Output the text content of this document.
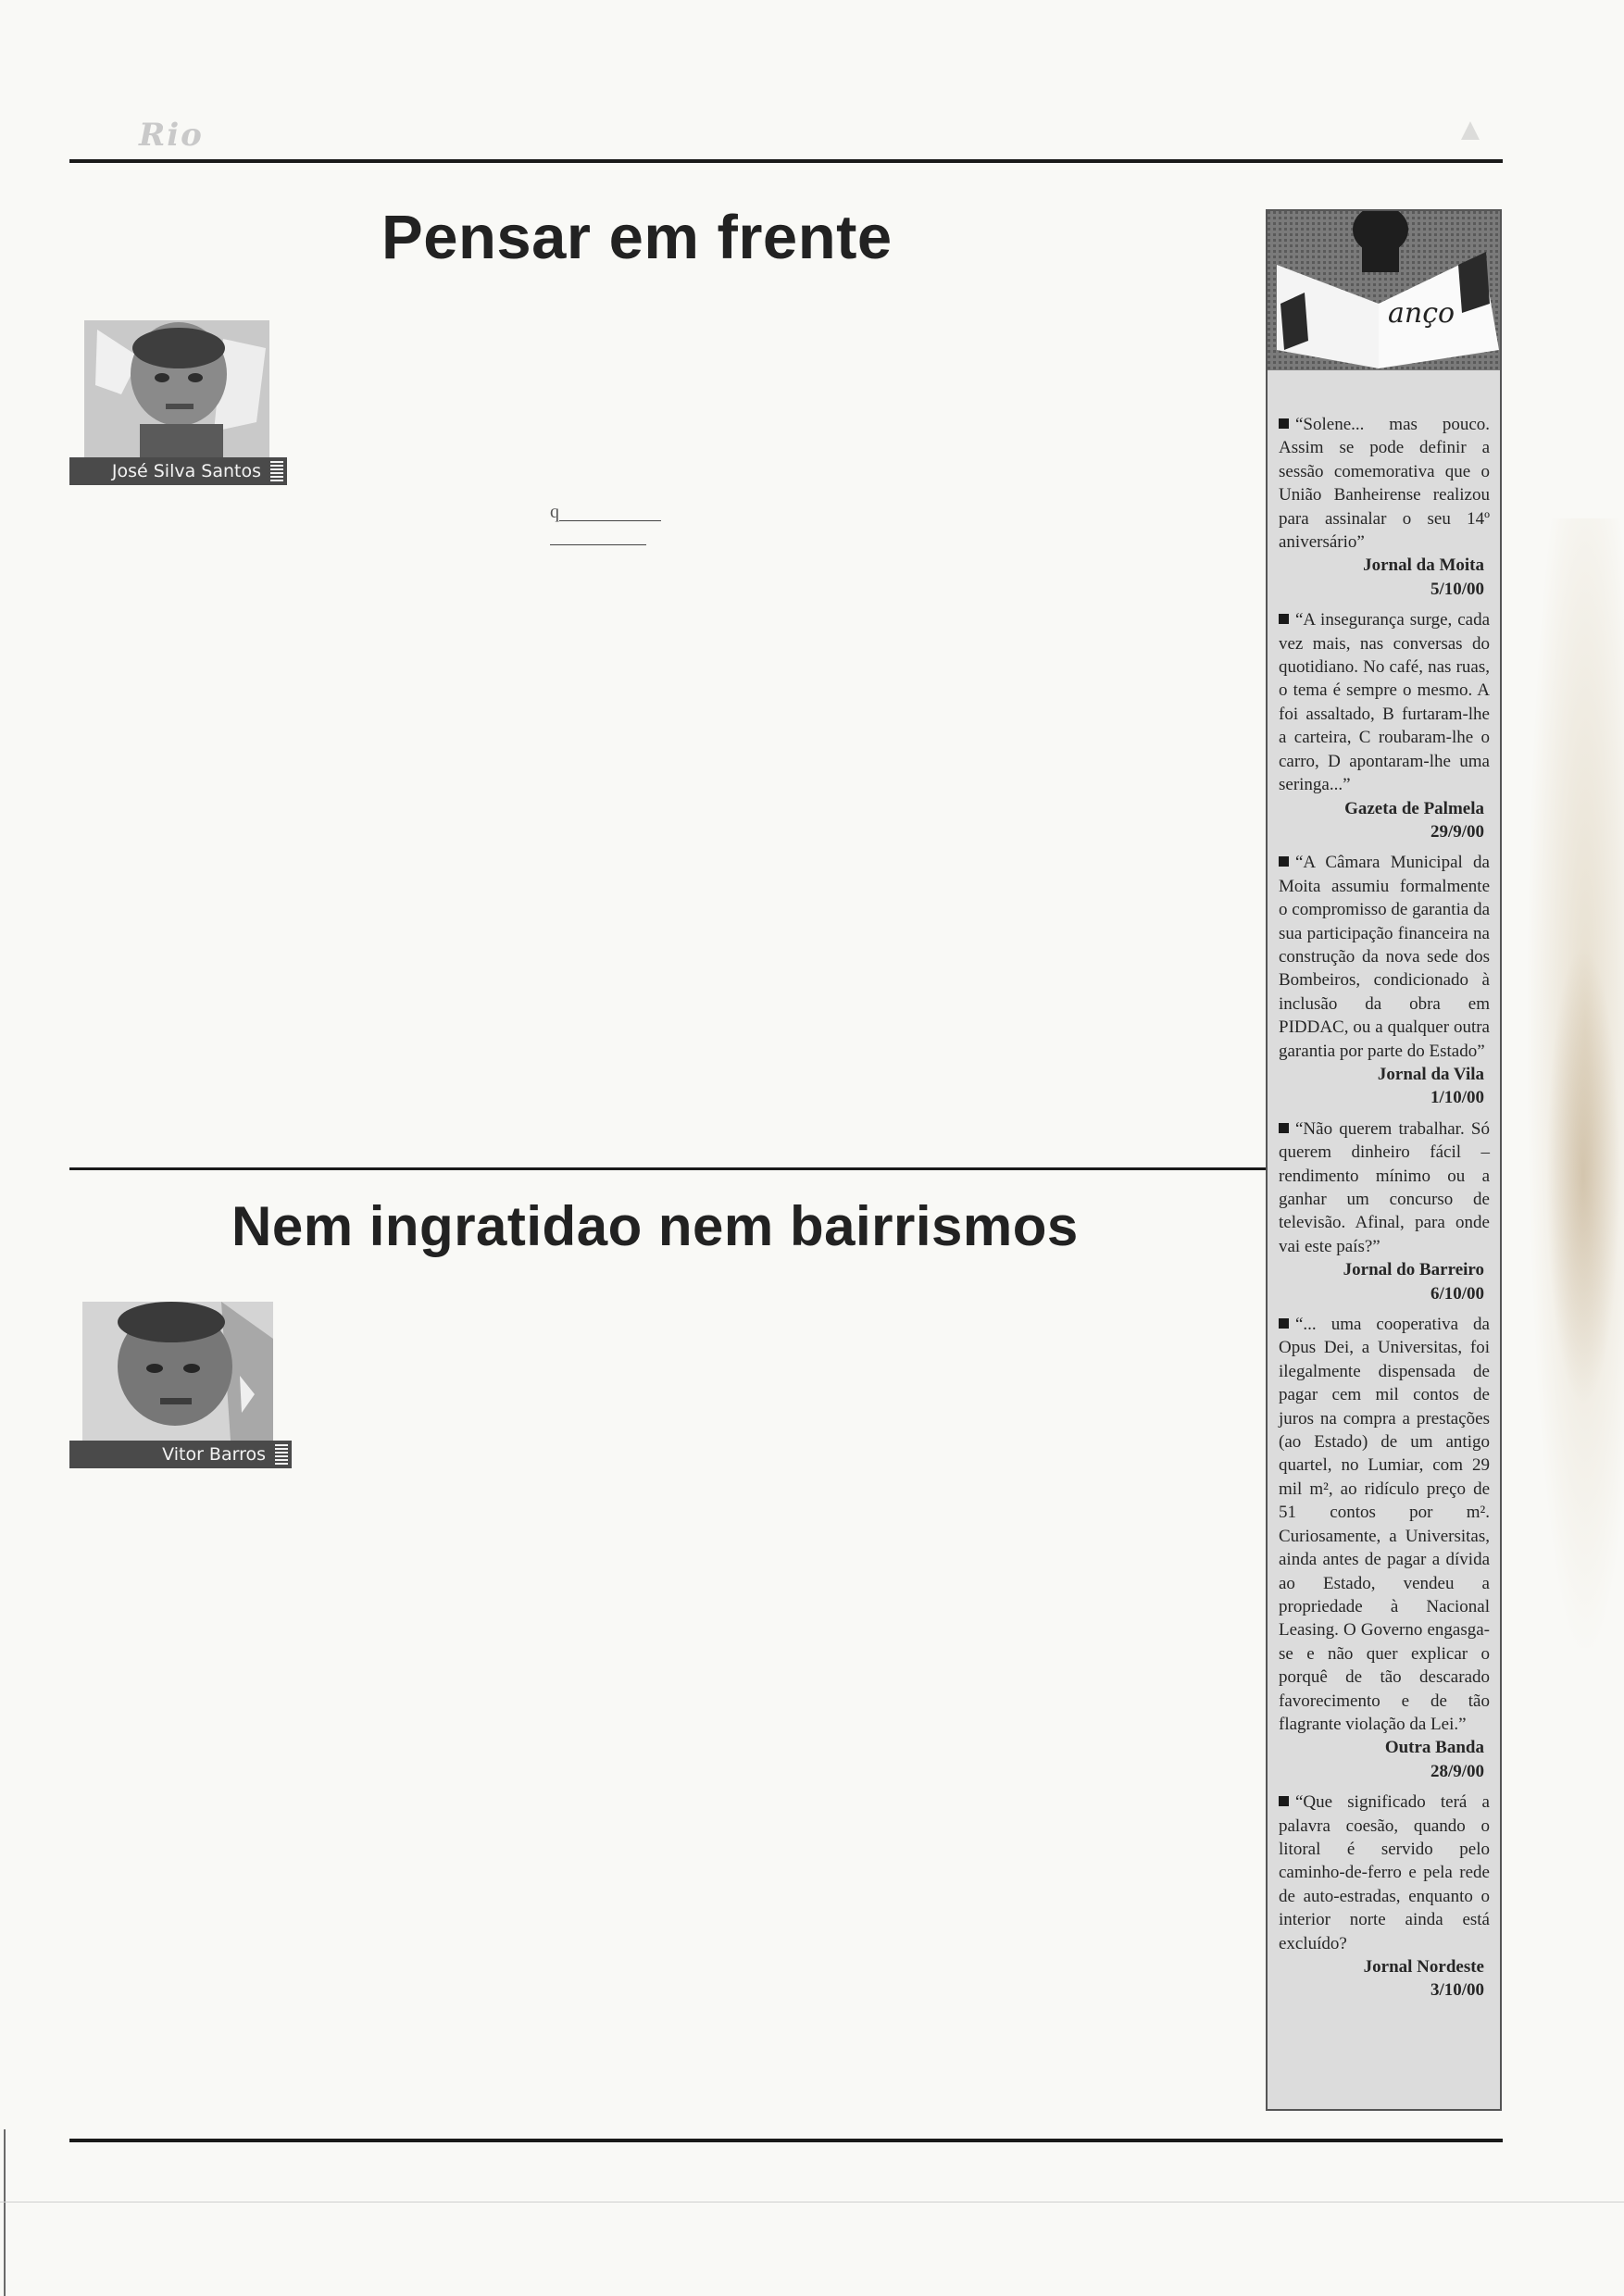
Rio
Pensar em frente
José Silva Santos
q
Nem ingratidao nem bairrismos
Vitor Barros
anço
“Solene... mas pouco. Assim se pode definir a sessão comemorativa que o União Banheirense realizou para assinalar o seu 14º aniversário”
Jornal da Moita
5/10/00
“A insegurança surge, cada vez mais, nas conversas do quotidiano. No café, nas ruas, o tema é sempre o mesmo. A foi assaltado, B furtaram-lhe a carteira, C roubaram-lhe o carro, D apontaram-lhe uma seringa...”
Gazeta de Palmela
29/9/00
“A Câmara Municipal da Moita assumiu formalmente o compromisso de garantia da sua participação financeira na construção da nova sede dos Bombeiros, condicionado à inclusão da obra em PIDDAC, ou a qualquer outra garantia por parte do Estado”
Jornal da Vila
1/10/00
“Não querem trabalhar. Só querem dinheiro fácil – rendimento mínimo ou a ganhar um concurso de televisão. Afinal, para onde vai este país?”
Jornal do Barreiro
6/10/00
“... uma cooperativa da Opus Dei, a Universitas, foi ilegalmente dispensada de pagar cem mil contos de juros na compra a prestações (ao Estado) de um antigo quartel, no Lumiar, com 29 mil m², ao ridículo preço de 51 contos por m². Curiosamente, a Universitas, ainda antes de pagar a dívida ao Estado, vendeu a propriedade à Nacional Leasing. O Governo engasga-se e não quer explicar o porquê de tão descarado favorecimento e de tão flagrante violação da Lei.”
Outra Banda
28/9/00
“Que significado terá a palavra coesão, quando o litoral é servido pelo caminho-de-ferro e pela rede de auto-estradas, enquanto o interior norte ainda está excluído?
Jornal Nordeste
3/10/00
